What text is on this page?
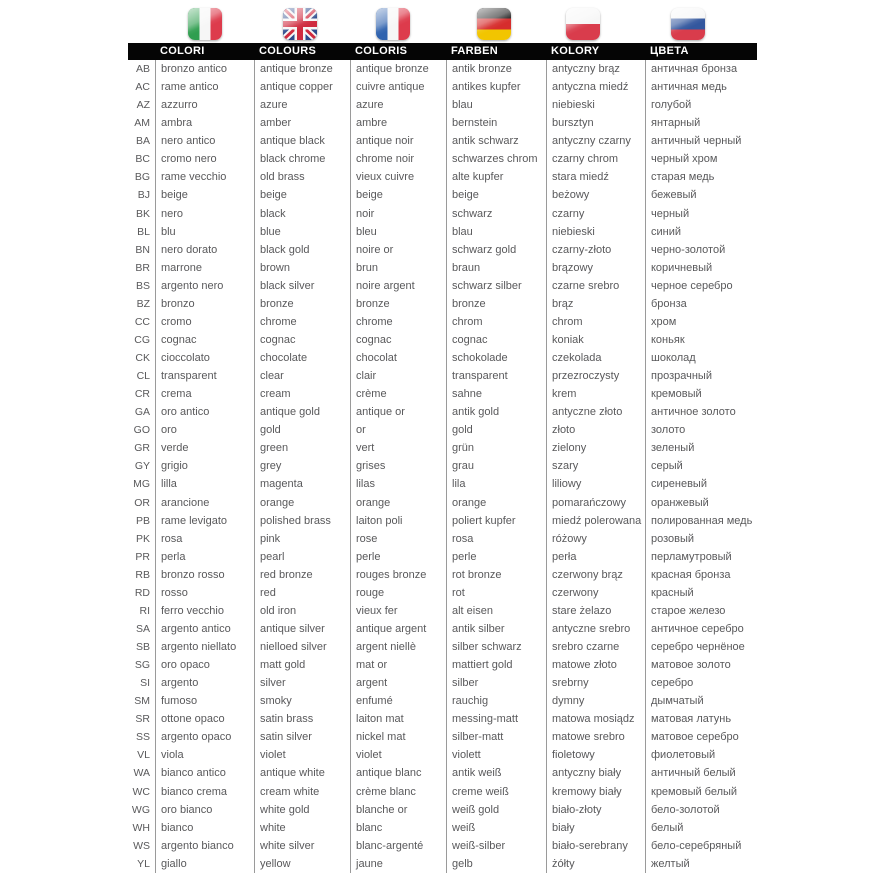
COLORI	COLOURS	COLORIS	FARBEN	KOLORY	ЦВЕТА
AB	bronzo antico	antique bronze	antique bronze	antik bronze	antyczny brąz	античная бронза
AC	rame antico	antique copper	cuivre antique	antikes kupfer	antyczna miedź	античная медь
AZ	azzurro	azure	azure	blau	niebieski	голубой
AM	ambra	amber	ambre	bernstein	bursztyn	янтарный
BA	nero antico	antique black	antique noir	antik schwarz	antyczny czarny	античный черный
BC	cromo nero	black chrome	chrome noir	schwarzes chrom	czarny chrom	черный хром
BG	rame vecchio	old brass	vieux cuivre	alte kupfer	stara miedź	старая медь
BJ	beige	beige	beige	beige	beżowy	бежевый
BK	nero	black	noir	schwarz	czarny	черный
BL	blu	blue	bleu	blau	niebieski	синий
BN	nero dorato	black gold	noire or	schwarz gold	czarny-złoto	черно-золотой
BR	marrone	brown	brun	braun	brązowy	коричневый
BS	argento nero	black silver	noire argent	schwarz silber	czarne srebro	черное серебро
BZ	bronzo	bronze	bronze	bronze	brąz	бронза
CC	cromo	chrome	chrome	chrom	chrom	хром
CG	cognac	cognac	cognac	cognac	koniak	коньяк
CK	cioccolato	chocolate	chocolat	schokolade	czekolada	шоколад
CL	transparent	clear	clair	transparent	przezroczysty	прозрачный
CR	crema	cream	crème	sahne	krem	кремовый
GA	oro antico	antique gold	antique or	antik gold	antyczne złoto	античное золото
GO	oro	gold	or	gold	złoto	золото
GR	verde	green	vert	grün	zielony	зеленый
GY	grigio	grey	grises	grau	szary	серый
MG	lilla	magenta	lilas	lila	liliowy	сиреневый
OR	arancione	orange	orange	orange	pomarańczowy	оранжевый
PB	rame levigato	polished brass	laiton poli	poliert kupfer	miedź polerowana полированная медь
PK	rosa	pink	rose	rosa	różowy	розовый
PR	perla	pearl	perle	perle	perła	перламутровый
RB	bronzo rosso	red bronze	rouges bronze	rot bronze	czerwony brąz	красная бронза
RD	rosso	red	rouge	rot	czerwony	красный
RI	ferro vecchio	old iron	vieux fer	alt eisen	stare żelazo	старое железо
SA	argento antico	antique silver	antique argent	antik silber	antyczne srebro	античное серебро
SB	argento niellato	nielloed silver	argent niellè	silber schwarz	srebro czarne	серебро чернёное
SG	oro opaco	matt gold	mat or	mattiert gold	matowe złoto	матовое золото
SI	argento	silver	argent	silber	srebrny	серебро
SM	fumoso	smoky	enfumé	rauchig	dymny	дымчатый
SR	ottone opaco	satin brass	laiton mat	messing-matt	matowa mosiądz	матовая латунь
SS	argento opaco	satin silver	nickel mat	silber-matt	matowe srebro	матовое серебро
VL	viola	violet	violet	violett	fioletowy	фиолетовый
WA	bianco antico	antique white	antique blanc	antik weiß	antyczny biały	античный белый
WC	bianco crema	cream white	crème blanc	creme weiß	kremowy biały	кремовый белый
WG	oro bianco	white gold	blanche or	weiß gold	biało-złoty	бело-золотой
WH	bianco	white	blanc	weiß	biały	белый
WS	argento bianco	white silver	blanc-argenté	weiß-silber	biało-serebrany	бело-серебряный
YL	giallo	yellow	jaune	gelb	żółty	желтый
